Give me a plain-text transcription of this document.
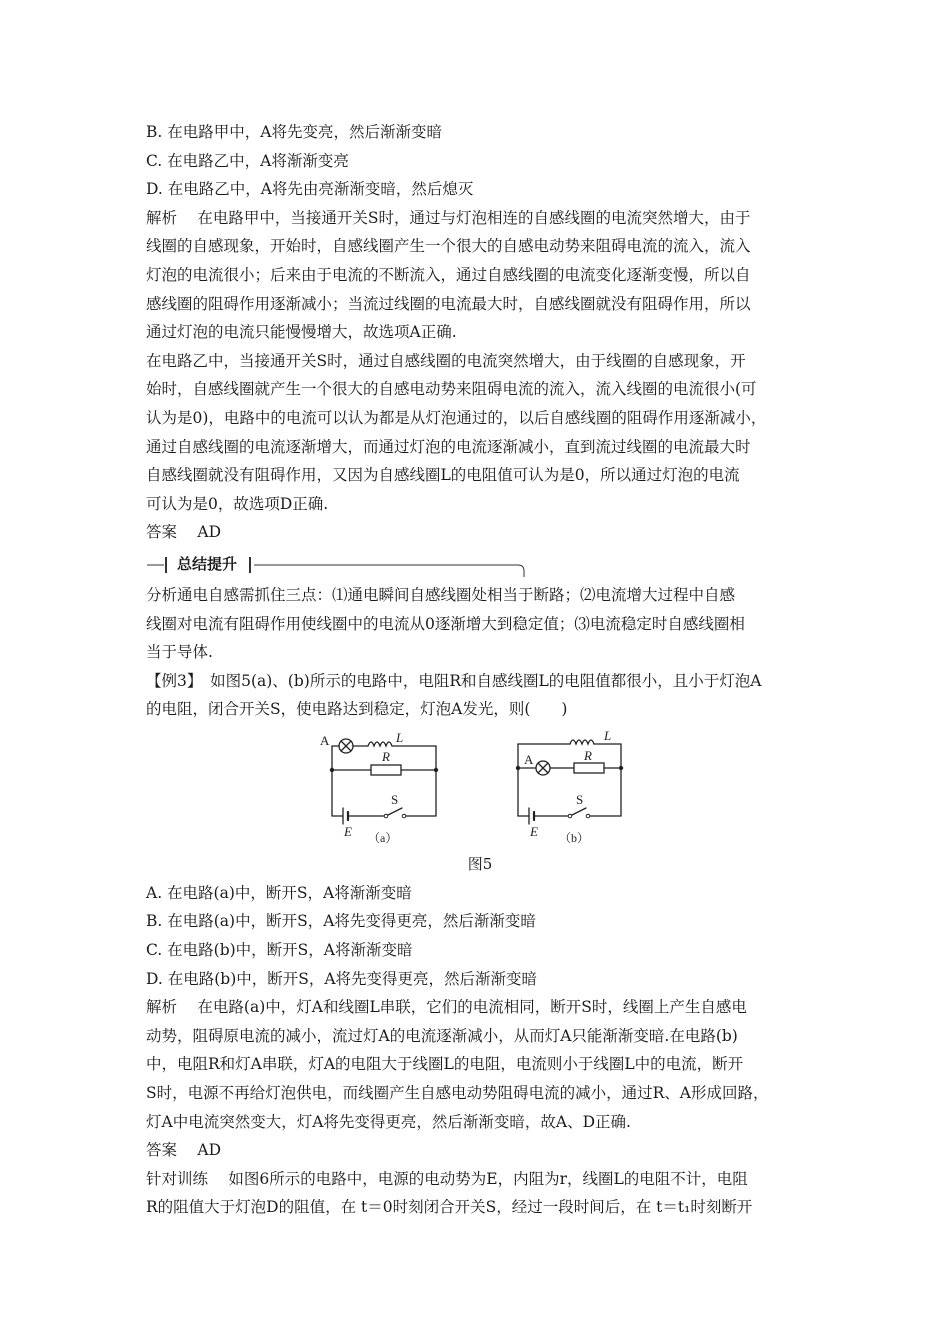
B. 在电路甲中，A将先变亮，然后渐渐变暗
C. 在电路乙中，A将渐渐变亮
D. 在电路乙中，A将先由亮渐渐变暗，然后熄灭
解析　 在电路甲中，当接通开关S时，通过与灯泡相连的自感线圈的电流突然增大，由于
线圈的自感现象，开始时，自感线圈产生一个很大的自感电动势来阻碍电流的流入，流入
灯泡的电流很小；后来由于电流的不断流入，通过自感线圈的电流变化逐渐变慢，所以自
感线圈的阻碍作用逐渐减小；当流过线圈的电流最大时，自感线圈就没有阻碍作用，所以
通过灯泡的电流只能慢慢增大，故选项A正确.
在电路乙中，当接通开关S时，通过自感线圈的电流突然增大，由于线圈的自感现象，开
始时，自感线圈就产生一个很大的自感电动势来阻碍电流的流入，流入线圈的电流很小(可
认为是0)，电路中的电流可以认为都是从灯泡通过的，以后自感线圈的阻碍作用逐渐减小，
通过自感线圈的电流逐渐增大，而通过灯泡的电流逐渐减小，直到流过线圈的电流最大时
自感线圈就没有阻碍作用，又因为自感线圈L的电阻值可认为是0，所以通过灯泡的电流
可认为是0，故选项D正确.
答案　 AD
总结提升
分析通电自感需抓住三点：⑴通电瞬间自感线圈处相当于断路；⑵电流增大过程中自感
线圈对电流有阻碍作用使线圈中的电流从0逐渐增大到稳定值；⑶电流稳定时自感线圈相
当于导体.
【例3】　如图5(a)、(b)所示的电路中，电阻R和自感线圈L的电阻值都很小，且小于灯泡A
的电阻，闭合开关S，使电路达到稳定，灯泡A发光，则(　　)
A	L
R
S
E （a）
A
L
R
S
E （b）
图5
A. 在电路(a)中，断开S，A将渐渐变暗
B. 在电路(a)中，断开S，A将先变得更亮，然后渐渐变暗
C. 在电路(b)中，断开S，A将渐渐变暗
D. 在电路(b)中，断开S，A将先变得更亮，然后渐渐变暗
解析　 在电路(a)中，灯A和线圈L串联，它们的电流相同，断开S时，线圈上产生自感电
动势，阻碍原电流的减小，流过灯A的电流逐渐减小，从而灯A只能渐渐变暗.在电路(b)
中，电阻R和灯A串联，灯A的电阻大于线圈L的电阻，电流则小于线圈L中的电流，断开
S时，电源不再给灯泡供电，而线圈产生自感电动势阻碍电流的减小，通过R、A形成回路，
灯A中电流突然变大，灯A将先变得更亮，然后渐渐变暗，故A、D正确.
答案　 AD
针对训练　 如图6所示的电路中，电源的电动势为E，内阻为r，线圈L的电阻不计，电阻
R的阻值大于灯泡D的阻值，在 t＝0时刻闭合开关S，经过一段时间后，在 t＝t₁时刻断开
